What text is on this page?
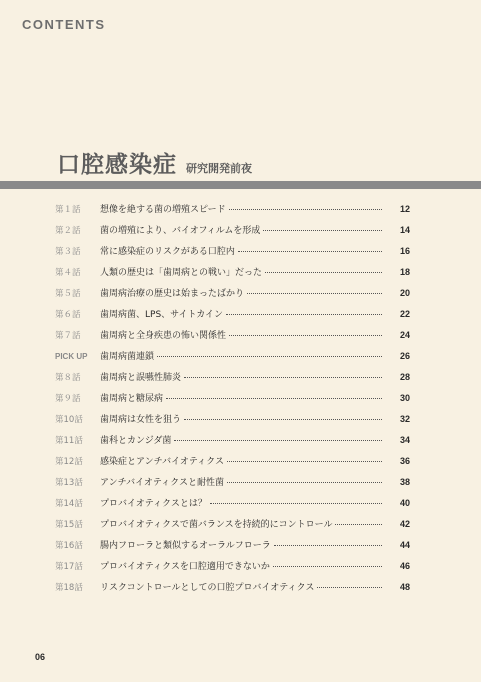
CONTENTS
口腔感染症 研究開発前夜
第１話	想像を絶する菌の増殖スピード	12
第２話	菌の増殖により、バイオフィルムを形成	14
第３話	常に感染症のリスクがある口腔内	16
第４話	人類の歴史は「歯周病との戦い」だった	18
第５話	歯周病治療の歴史は始まったばかり	20
第６話	歯周病菌、LPS、サイトカイン	22
第７話	歯周病と全身疾患の怖い関係性	24
PICK UP	歯周病菌連鎖	26
第８話	歯周病と誤嚥性肺炎	28
第９話	歯周病と糖尿病	30
第10話	歯周病は女性を狙う	32
第11話	歯科とカンジダ菌	34
第12話	感染症とアンチバイオティクス	36
第13話	アンチバイオティクスと耐性菌	38
第14話	プロバイオティクスとは？	40
第15話	プロバイオティクスで菌バランスを持続的にコントロール	42
第16話	腸内フローラと類似するオーラルフローラ	44
第17話	プロバイオティクスを口腔適用できないか	46
第18話	リスクコントロールとしての口腔プロバイオティクス	48
06
